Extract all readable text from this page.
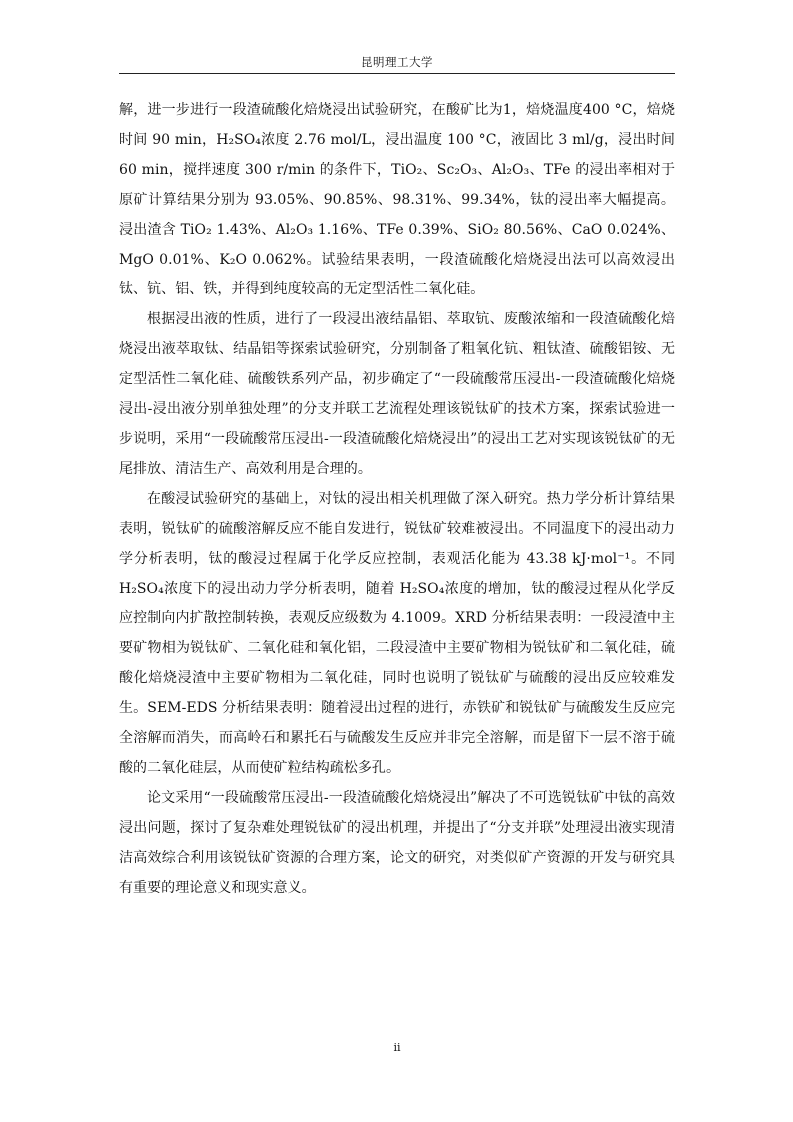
昆明理工大学

解，进一步进行一段渣硫酸化焙烧浸出试验研究，在酸矿比为1，焙烧温度400 °C，焙烧时间 90 min，H₂SO₄浓度 2.76 mol/L，浸出温度 100 °C，液固比 3 ml/g，浸出时间 60 min，搅拌速度 300 r/min 的条件下，TiO₂、Sc₂O₃、Al₂O₃、TFe 的浸出率相对于原矿计算结果分别为 93.05%、90.85%、98.31%、99.34%，钛的浸出率大幅提高。浸出渣含 TiO₂ 1.43%、Al₂O₃ 1.16%、TFe 0.39%、SiO₂ 80.56%、CaO 0.024%、MgO 0.01%、K₂O 0.062%。试验结果表明，一段渣硫酸化焙烧浸出法可以高效浸出钛、钪、铝、铁，并得到纯度较高的无定型活性二氧化硅。

根据浸出液的性质，进行了一段浸出液结晶铝、萃取钪、废酸浓缩和一段渣硫酸化焙烧浸出液萃取钛、结晶铝等探索试验研究，分别制备了粗氧化钪、粗钛渣、硫酸铝铵、无定型活性二氧化硅、硫酸铁系列产品，初步确定了“一段硫酸常压浸出-一段渣硫酸化焙烧浸出-浸出液分别单独处理”的分支并联工艺流程处理该锐钛矿的技术方案，探索试验进一步说明，采用“一段硫酸常压浸出-一段渣硫酸化焙烧浸出”的浸出工艺对实现该锐钛矿的无尾排放、清洁生产、高效利用是合理的。

在酸浸试验研究的基础上，对钛的浸出相关机理做了深入研究。热力学分析计算结果表明，锐钛矿的硫酸溶解反应不能自发进行，锐钛矿较难被浸出。不同温度下的浸出动力学分析表明，钛的酸浸过程属于化学反应控制，表观活化能为 43.38 kJ·mol⁻¹。不同 H₂SO₄浓度下的浸出动力学分析表明，随着 H₂SO₄浓度的增加，钛的酸浸过程从化学反应控制向内扩散控制转换，表观反应级数为 4.1009。XRD 分析结果表明：一段浸渣中主要矿物相为锐钛矿、二氧化硅和氧化铝，二段浸渣中主要矿物相为锐钛矿和二氧化硅，硫酸化焙烧浸渣中主要矿物相为二氧化硅，同时也说明了锐钛矿与硫酸的浸出反应较难发生。SEM-EDS 分析结果表明：随着浸出过程的进行，赤铁矿和锐钛矿与硫酸发生反应完全溶解而消失，而高岭石和累托石与硫酸发生反应并非完全溶解，而是留下一层不溶于硫酸的二氧化硅层，从而使矿粒结构疏松多孔。

论文采用“一段硫酸常压浸出-一段渣硫酸化焙烧浸出”解决了不可选锐钛矿中钛的高效浸出问题，探讨了复杂难处理锐钛矿的浸出机理，并提出了“分支并联”处理浸出液实现清洁高效综合利用该锐钛矿资源的合理方案，论文的研究，对类似矿产资源的开发与研究具有重要的理论意义和现实意义。

ii
